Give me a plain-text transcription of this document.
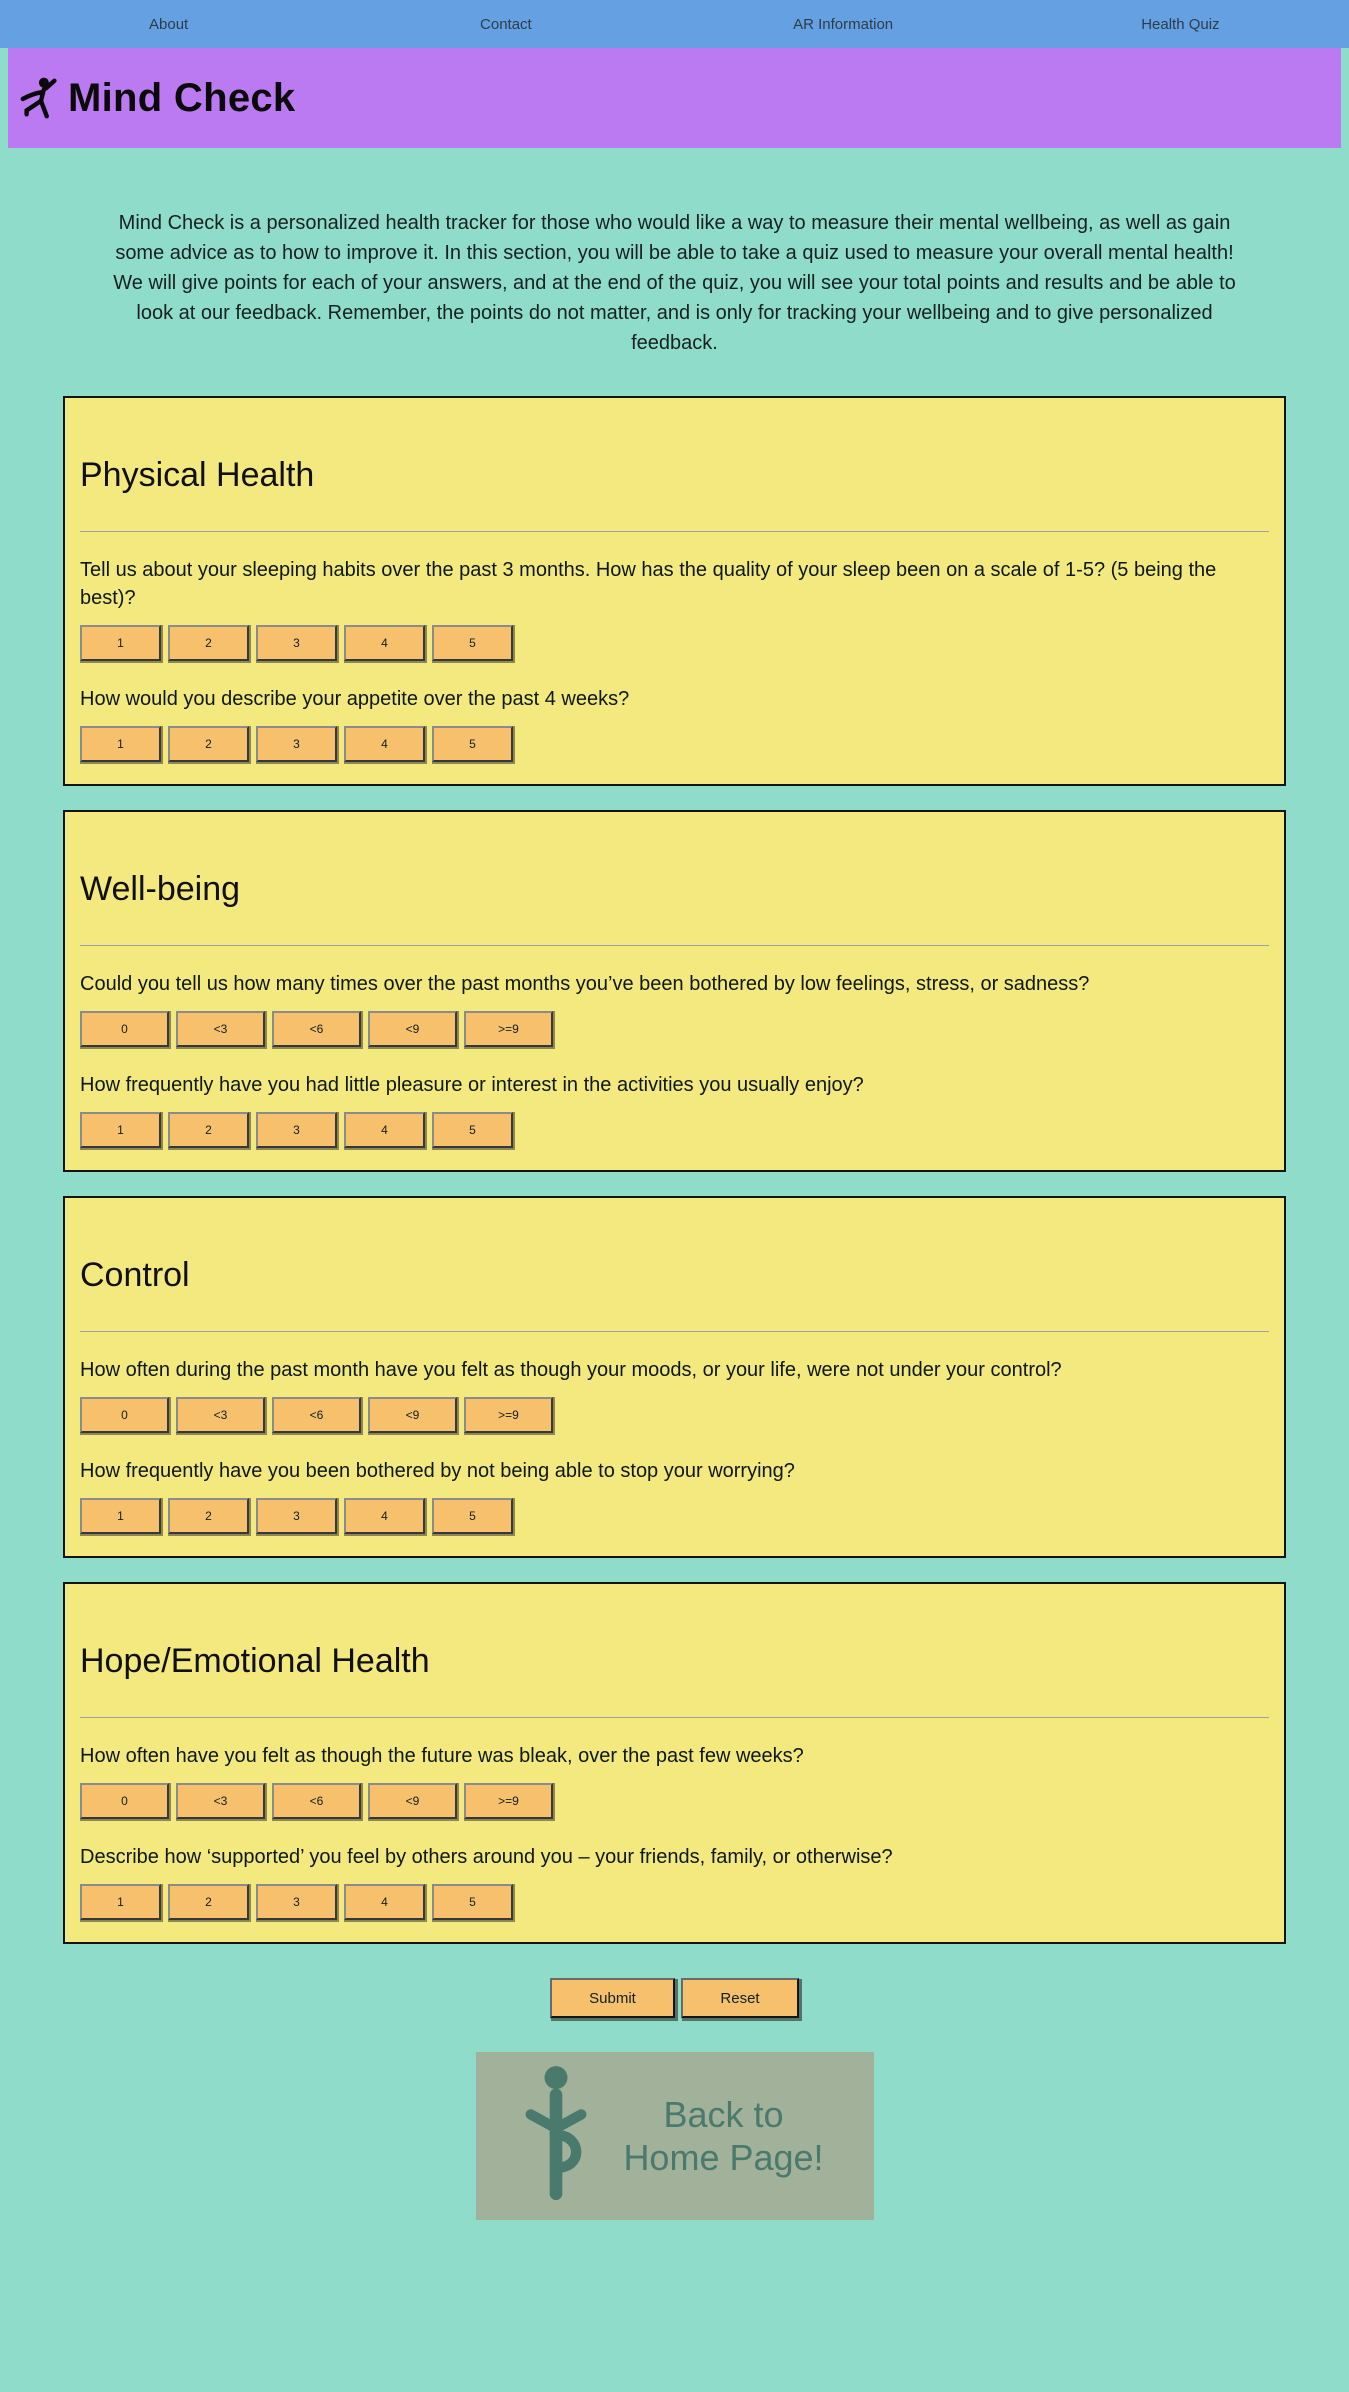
About	Contact	AR Information	Health Quiz
Mind Check

Mind Check is a personalized health tracker for those who would like a way to measure their mental wellbeing, as well as gain some advice as to how to improve it. In this section, you will be able to take a quiz used to measure your overall mental health! We will give points for each of your answers, and at the end of the quiz, you will see your total points and results and be able to look at our feedback. Remember, the points do not matter, and is only for tracking your wellbeing and to give personalized feedback.

Physical Health

Tell us about your sleeping habits over the past 3 months. How has the quality of your sleep been on a scale of 1-5? (5 being the best)?

1	2	3	4	5

How would you describe your appetite over the past 4 weeks?

1	2	3	4	5
Well-being

Could you tell us how many times over the past months you’ve been bothered by low feelings, stress, or sadness?

0	<3	<6	<9	>=9

How frequently have you had little pleasure or interest in the activities you usually enjoy?

1	2	3	4	5
Control

How often during the past month have you felt as though your moods, or your life, were not under your control?

0	<3	<6	<9	>=9

How frequently have you been bothered by not being able to stop your worrying?

1	2	3	4	5
Hope/Emotional Health

How often have you felt as though the future was bleak, over the past few weeks?

0	<3	<6	<9	>=9

Describe how ‘supported’ you feel by others around you – your friends, family, or otherwise?

1	2	3	4	5
Submit	Reset
Back to Home Page!
